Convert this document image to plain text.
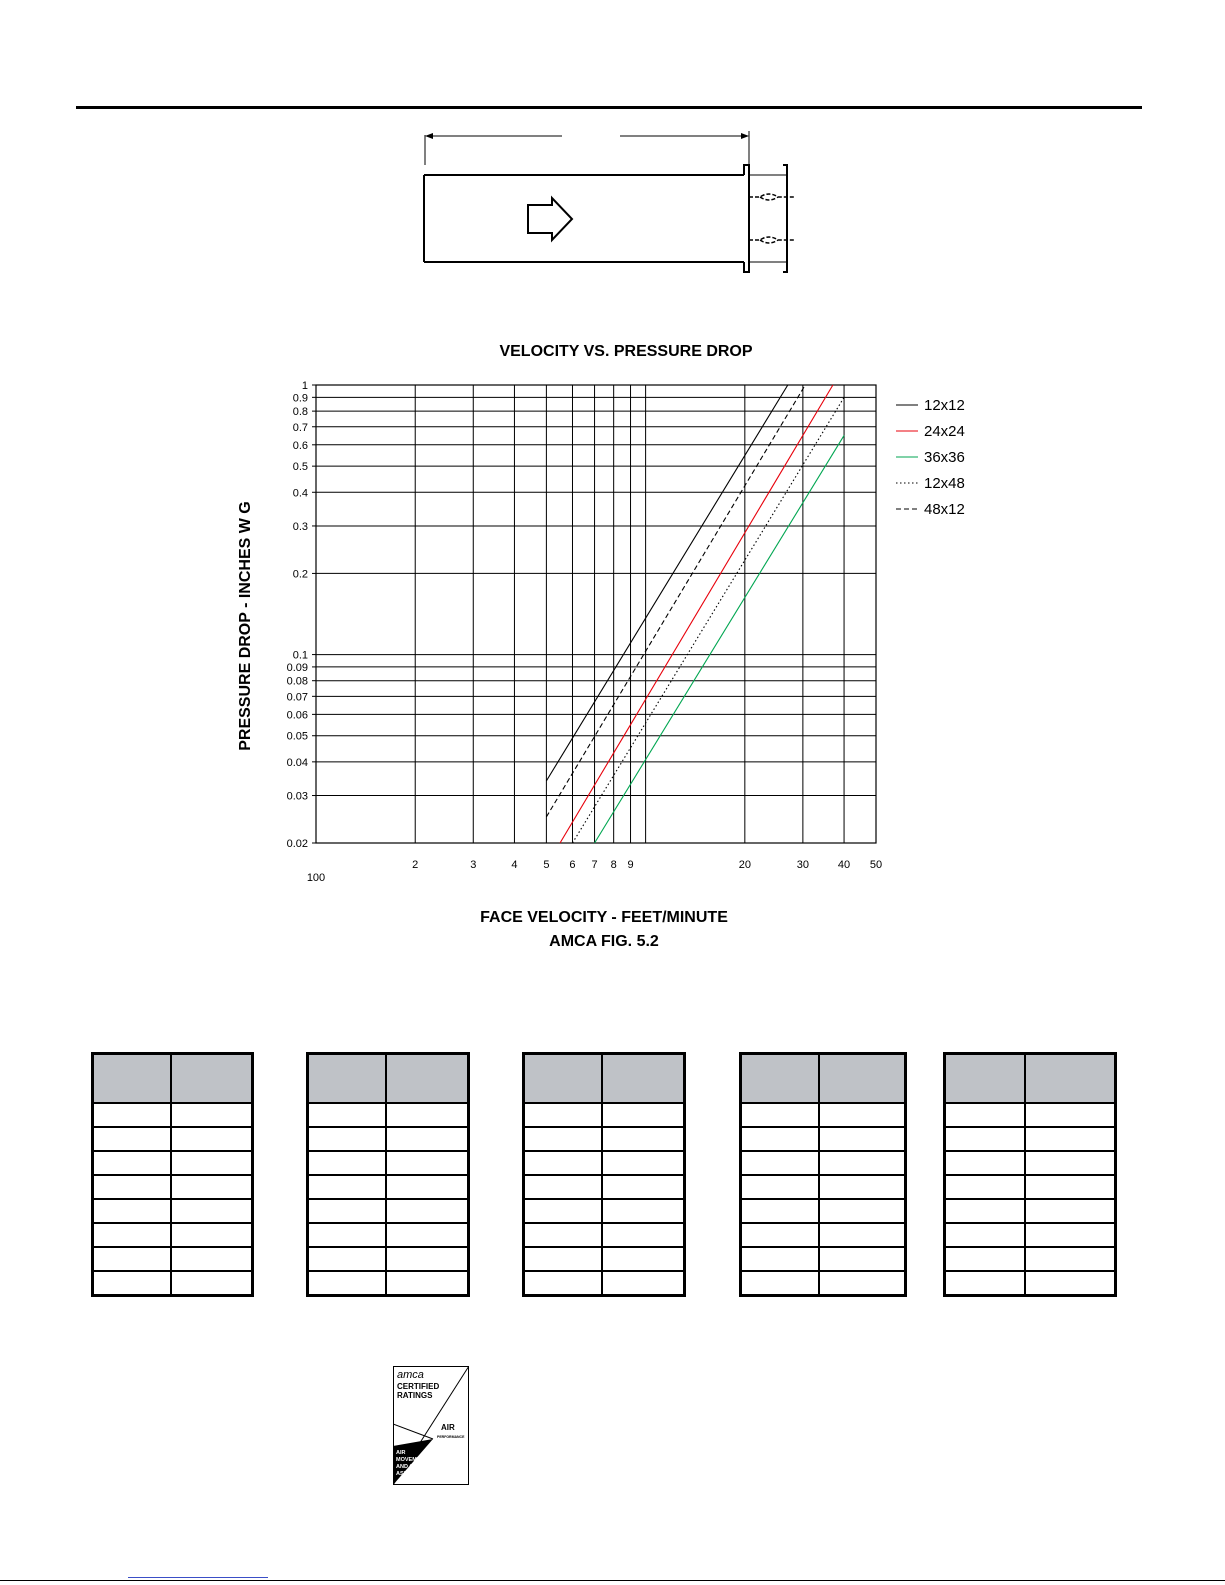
VELOCITY VS. PRESSURE DROP
1
0.9
0.8
0.7
0.6
0.5
0.4
0.3
0.2
0.1
0.09
0.08
0.07
0.06
0.05
0.04
0.03
0.02
100
2	3	4 5 6 7 8 9	20	30	40 50
12x12
24x24
36x36
12x48
48x12
PRESSURE DROP - INCHES W G
FACE VELOCITY - FEET/MINUTE
AMCA FIG. 5.2

amca
CERTIFIED
RATINGS
AIR
PERFORMANCE
AIR
MOVEMENT
AND CONTROL
ASSOCIATION, INC.
